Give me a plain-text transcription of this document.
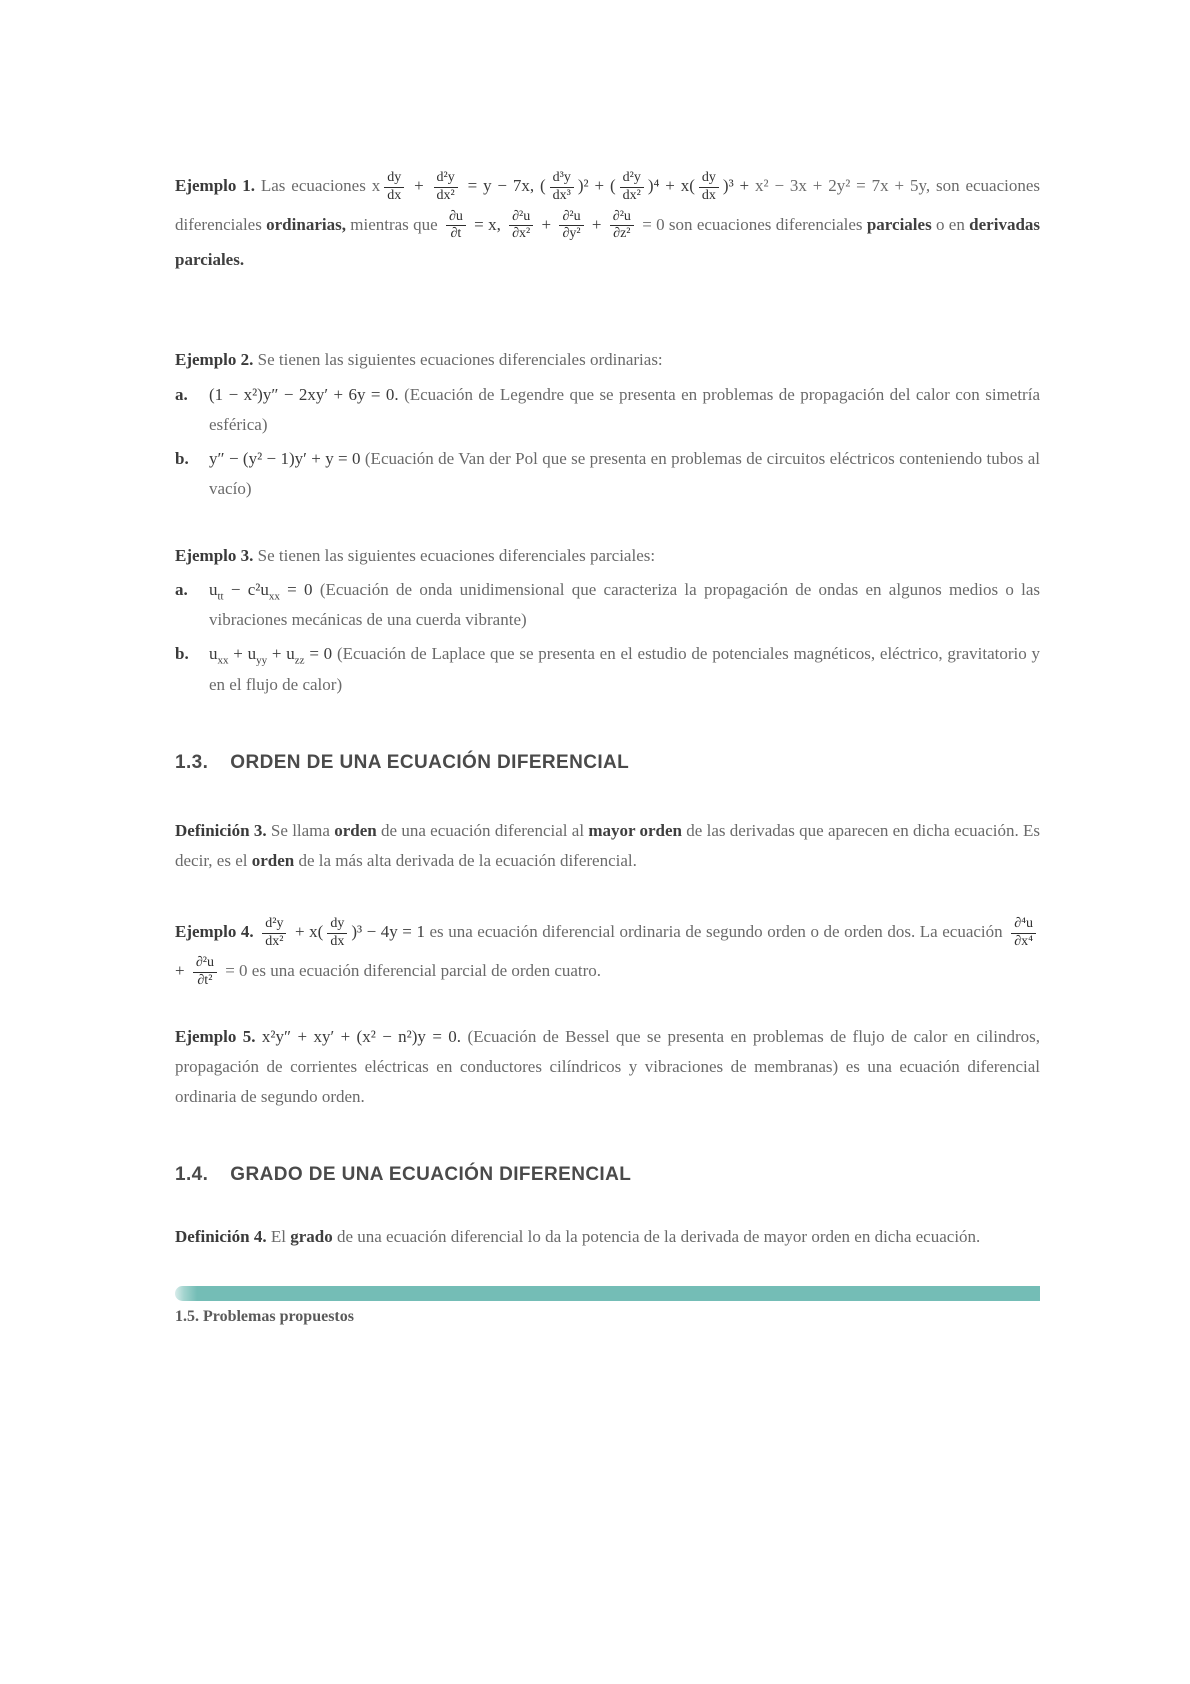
Ejemplo 1. Las ecuaciones x $\frac{dy}{dx} + \frac{\text{d²y}}{\text{dx²}} = y - 7x$, ( $\frac{\text{d³y}}{\text{dx³}} )^2$ + ( $\frac{\text{d²y}}{\text{dx²}} )^4 + x( \frac{dy}{dx} )^3 + x^2 - 3x + 2y^2 = 7x + 5y$, son ecuaciones diferenciales ordinarias, mientras que $\frac{\partial u}{\partial t} = x$, $\frac{\text{∂²u}}{\text{∂x²}} + \frac{\text{∂²u}}{\text{∂y²}} + \frac{\text{∂²u}}{\text{∂z²}} = 0$ son ecuaciones diferenciales parciales o en derivadas parciales.

Ejemplo 2. Se tienen las siguientes ecuaciones diferenciales ordinarias:

a.	(1 − x²)y″ − 2xy′ + 6y = 0. (Ecuación de Legendre que se presenta en problemas de propagación del calor con simetría esférica)
b.	y″ − (y² − 1)y′ + y = 0 (Ecuación de Van der Pol que se presenta en problemas de circuitos eléctricos conteniendo tubos al vacío)

Ejemplo 3. Se tienen las siguientes ecuaciones diferenciales parciales:

a.	$u_{tt} - c^2u_{xx} = 0$ (Ecuación de onda unidimensional que caracteriza la propagación de ondas en algunos medios o las vibraciones mecánicas de una cuerda vibrante)
b.	$u_{xx} + u_{yy} + u_{zz} = 0$ (Ecuación de Laplace que se presenta en el estudio de potenciales magnéticos, eléctrico, gravitatorio y en el flujo de calor)
1.3. ORDEN DE UNA ECUACIÓN DIFERENCIAL

Definición 3. Se llama orden de una ecuación diferencial al mayor orden de las derivadas que aparecen en dicha ecuación. Es decir, es el orden de la más alta derivada de la ecuación diferencial.

Ejemplo 4. $\frac{\text{d²y}}{\text{dx²}} + x( \frac{dy}{dx} )^3 - 4y = 1$ es una ecuación diferencial ordinaria de segundo orden o de orden dos. La ecuación $\frac{\text{∂⁴u}}{\text{∂x⁴}}$
+ $\frac{\text{∂²u}}{\text{∂t²}} = 0$ es una ecuación diferencial parcial de orden cuatro.

Ejemplo 5. x²y″ + xy′ + (x² − n²)y = 0. (Ecuación de Bessel que se presenta en problemas de flujo de calor en cilindros, propagación de corrientes eléctricas en conductores cilíndricos y vibraciones de membranas) es una ecuación diferencial ordinaria de segundo orden.

1.4. GRADO DE UNA ECUACIÓN DIFERENCIAL

Definición 4. El grado de una ecuación diferencial lo da la potencia de la derivada de mayor orden en dicha ecuación.

1.5. Problemas propuestos
